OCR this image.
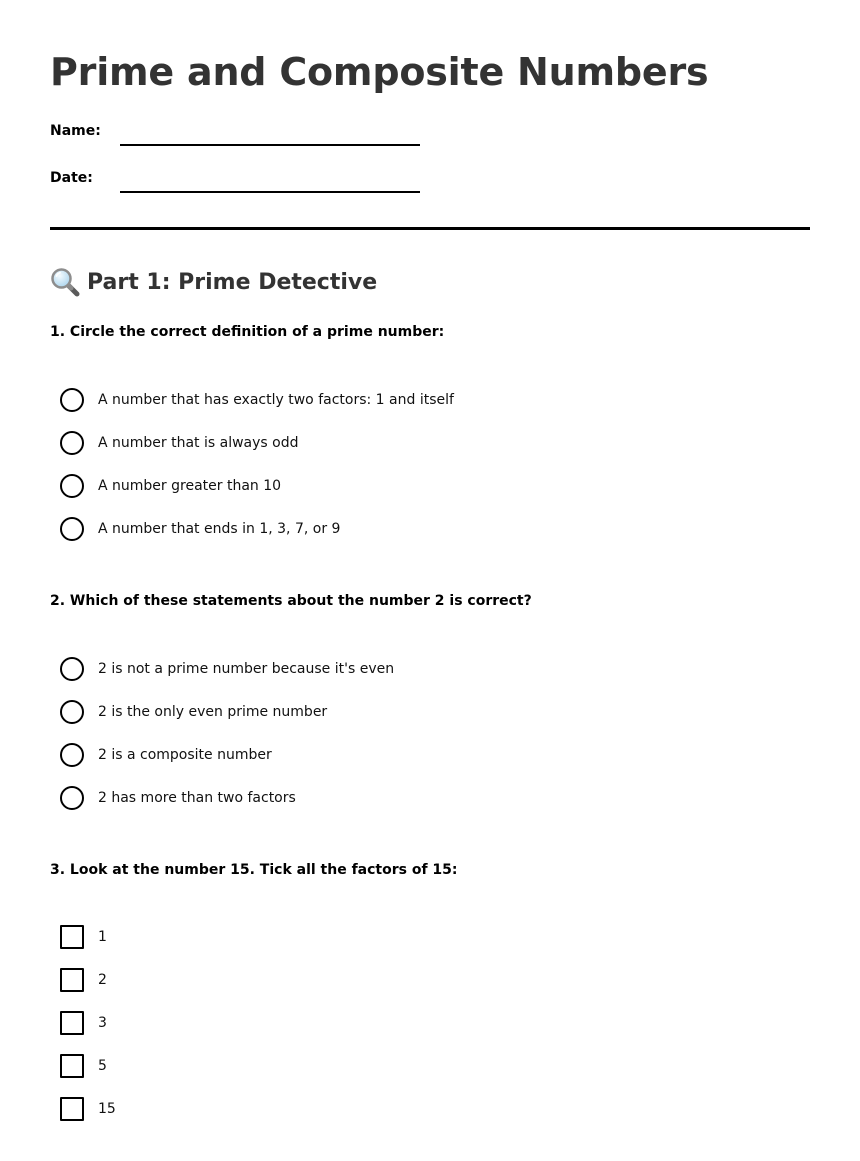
Prime and Composite Numbers
Name:
Date:
Part 1: Prime Detective
1. Circle the correct definition of a prime number:
A number that has exactly two factors: 1 and itself
A number that is always odd
A number greater than 10
A number that ends in 1, 3, 7, or 9
2. Which of these statements about the number 2 is correct?
2 is not a prime number because it's even
2 is the only even prime number
2 is a composite number
2 has more than two factors
3. Look at the number 15. Tick all the factors of 15:
1
2
3
5
15
